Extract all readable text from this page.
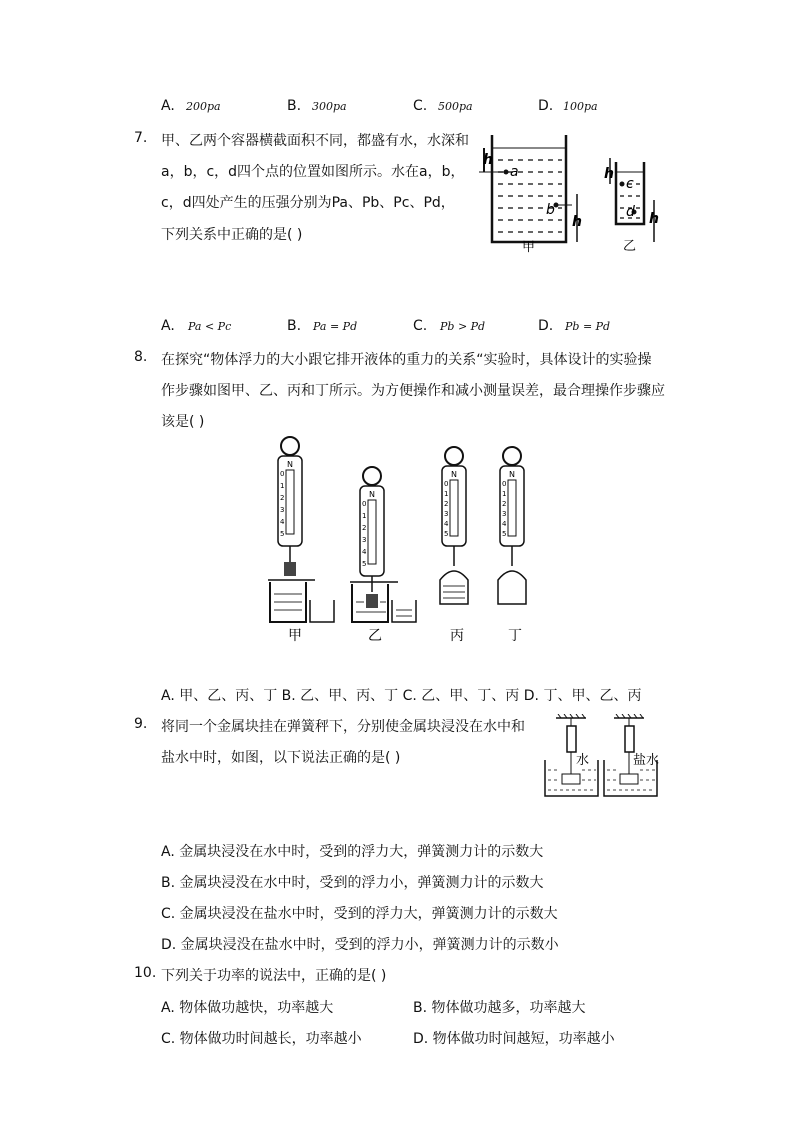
A. 200pa	B. 300pa	C. 500pa	D. 100pa
7. 甲、乙两个容器横截面积不同，都盛有水，水深和
a，b，c，d四个点的位置如图所示。水在a，b，
c，d四处产生的压强分别为Pa、Pb、Pc、Pd，
下列关系中正确的是( )
h
a
b
h
甲
h
c
d h
乙
A. Pa < Pc	B. Pa = Pd	C. Pb > Pd	D. Pb = Pd
8. 在探究“物体浮力的大小跟它排开液体的重力的关系“实验时，具体设计的实验操
作步骤如图甲、乙、丙和丁所示。为方便操作和减小测量误差，最合理操作步骤应
该是( )
N
0
1
2
3
4
5
甲
N
0
1
2
3
4
5
乙
N
0
1
2
3
4
5
丙
N
0
1
2
3
4
5
丁
A. 甲、乙、丙、丁 B. 乙、甲、丙、丁 C. 乙、甲、丁、丙 D. 丁、甲、乙、丙
9. 将同一个金属块挂在弹簧秤下，分别使金属块浸没在水中和
盐水中时，如图，以下说法正确的是( )	水	盐水
A. 金属块浸没在水中时，受到的浮力大，弹簧测力计的示数大
B. 金属块浸没在水中时，受到的浮力小，弹簧测力计的示数大
C. 金属块浸没在盐水中时，受到的浮力大，弹簧测力计的示数大
D. 金属块浸没在盐水中时，受到的浮力小，弹簧测力计的示数小
10. 下列关于功率的说法中，正确的是( )
A. 物体做功越快，功率越大	B. 物体做功越多，功率越大
C. 物体做功时间越长，功率越小	D. 物体做功时间越短，功率越小
